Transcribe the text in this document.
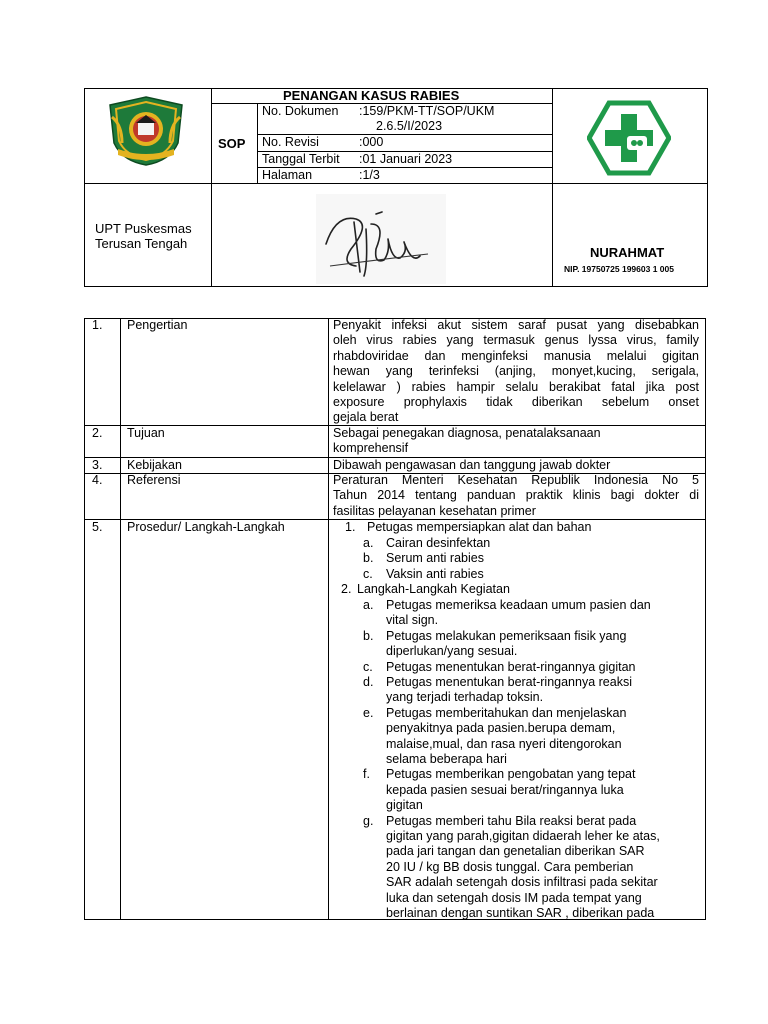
PENANGAN KASUS RABIES
SOP
No. Dokumen :159/PKM-TT/SOP/UKM
2.6.5/I/2023
No. Revisi	:000
Tanggal Terbit :01 Januari 2023
Halaman	:1/3
UPT Puskesmas
Terusan Tengah
NURAHMAT
NIP. 19750725 199603 1 005
1. Pengertian
2. Tujuan
3. Kebijakan
4. Referensi
5. Prosedur/ Langkah-Langkah
Penyakit infeksi akut sistem saraf pusat yang disebabkan
oleh virus rabies yang termasuk genus lyssa virus, family
rhabdoviridae dan menginfeksi manusia melalui gigitan
hewan yang terinfeksi (anjing, monyet,kucing, serigala,
kelelawar ) rabies hampir selalu berakibat fatal jika post
exposure prophylaxis tidak diberikan sebelum onset
gejala berat
Sebagai penegakan diagnosa, penatalaksanaan
komprehensif
Dibawah pengawasan dan tanggung jawab dokter
Peraturan Menteri Kesehatan Republik Indonesia No 5
Tahun 2014 tentang panduan praktik klinis bagi dokter di
fasilitas pelayanan kesehatan primer
1. Petugas mempersiapkan alat dan bahan
a. Cairan desinfektan
b. Serum anti rabies
c. Vaksin anti rabies
2. Langkah-Langkah Kegiatan
a. Petugas memeriksa keadaan umum pasien dan
vital sign.
b. Petugas melakukan pemeriksaan fisik yang
diperlukan/yang sesuai.
c. Petugas menentukan berat-ringannya gigitan
d. Petugas menentukan berat-ringannya reaksi
yang terjadi terhadap toksin.
e. Petugas memberitahukan dan menjelaskan
penyakitnya pada pasien.berupa demam,
malaise,mual, dan rasa nyeri ditengorokan
selama beberapa hari
f. Petugas memberikan pengobatan yang tepat
kepada pasien sesuai berat/ringannya luka
gigitan
g. Petugas memberi tahu Bila reaksi berat pada
gigitan yang parah,gigitan didaerah leher ke atas,
pada jari tangan dan genetalian diberikan SAR
20 IU / kg BB dosis tunggal. Cara pemberian
SAR adalah setengah dosis infiltrasi pada sekitar
luka dan setengah dosis IM pada tempat yang
berlainan dengan suntikan SAR , diberikan pada
